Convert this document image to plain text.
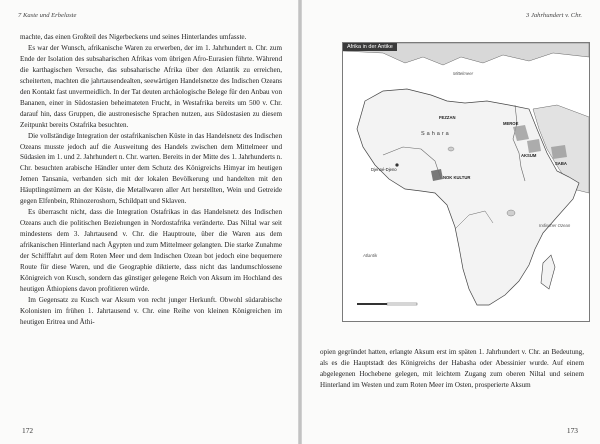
7 Kaste und Erbelaste

machte, das einen Großteil des Nigerbeckens und seines Hinterlandes umfasste.

Es war der Wunsch, afrikanische Waren zu erwerben, der im 1. Jahrhundert n. Chr. zum Ende der Isolation des subsaharischen Afrikas vom übrigen Afro-Eurasien führte. Während die karthagischen Versuche, das subsaharische Afrika über den Atlantik zu erreichen, scheiterten, machten die jahrtausendealten, seewärtigen Handelsnetze des Indischen Ozeans den Kontakt fast unvermeidlich. In der Tat deuten archäologische Belege für den Anbau von Bananen, einer in Südostasien beheimateten Frucht, in Westafrika bereits um 500 v. Chr. darauf hin, dass Gruppen, die austronesische Sprachen nutzen, aus Südostasien zu diesem Zeitpunkt bereits Ostafrika besuchten.

Die vollständige Integration der ostafrikanischen Küste in das Handelsnetz des Indischen Ozeans musste jedoch auf die Ausweitung des Handels zwischen dem Mittelmeer und Südasien im 1. und 2. Jahrhundert n. Chr. warten. Bereits in der Mitte des 1. Jahrhunderts n. Chr. besuchten arabische Händler unter dem Schutz des Königreichs Himyar im heutigen Jemen Tansania, verbanden sich mit der lokalen Bevölkerung und handelten mit den Häuptlingstümern an der Küste, die Metallwaren aller Art herstellten, Wein und Getreide gegen Elfenbein, Rhinozeroshorn, Schildpatt und Sklaven.

Es überrascht nicht, dass die Integration Ostafrikas in das Handelsnetz des Indischen Ozeans auch die politischen Beziehungen in Nordostafrika veränderte. Das Niltal war seit mindestens dem 3. Jahrtausend v. Chr. die Hauptroute, über die Waren aus dem afrikanischen Hinterland nach Ägypten und zum Mittelmeer gelangten. Die starke Zunahme der Schifffahrt auf dem Roten Meer und dem Indischen Ozean bot jedoch eine bequemere Route für diese Waren, und die Geographie diktierte, dass nicht das landumschlossene Königreich von Kusch, sondern das günstiger gelegene Reich von Aksum im Hochland des heutigen Äthiopiens davon profitieren würde.

Im Gegensatz zu Kusch war Aksum von recht junger Herkunft. Obwohl südarabische Kolonisten im frühen 1. Jahrtausend v. Chr. eine Reihe von kleinen Königreichen im heutigen Eritrea und Äthi-

172
3 Jahrhundert v. Chr.
Afrika in der Antike
Mittelmeer
FEZZAN
Sahara
MEROE
AKSUM
SABA
NOK KULTUR
Djenné-Djeno
Atlantik
Indischer Ozean

opien gegründet hatten, erlangte Aksum erst im späten 1. Jahrhundert v. Chr. an Bedeutung, als es die Hauptstadt des Königreichs der Habasha oder Abessinier wurde. Auf einem abgelegenen Hochebene gelegen, mit leichtem Zugang zum oberen Niltal und seinem Hinterland im Westen und zum Roten Meer im Osten, prosperierte Aksum

173
